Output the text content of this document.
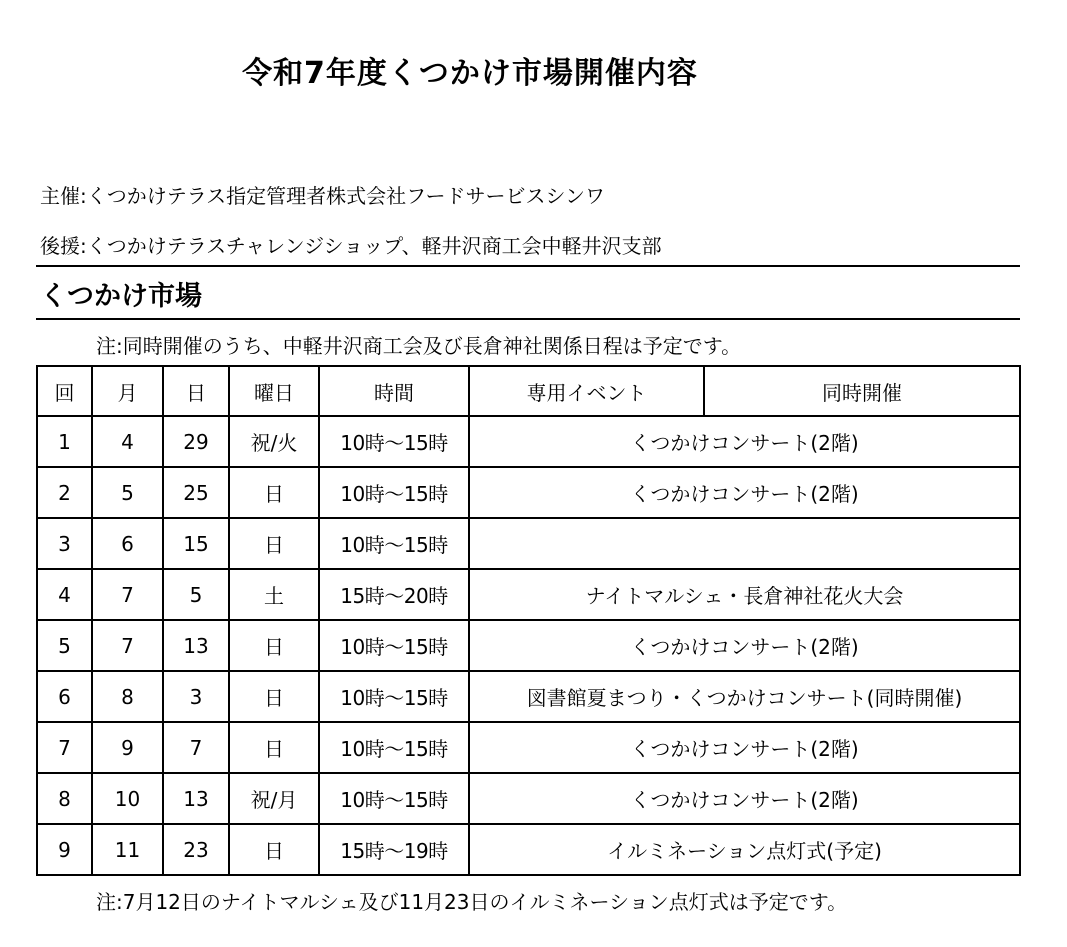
令和7年度くつかけ市場開催内容
主催:くつかけテラス指定管理者株式会社フードサービスシンワ
後援:くつかけテラスチャレンジショップ、軽井沢商工会中軽井沢支部
くつかけ市場
注:同時開催のうち、中軽井沢商工会及び長倉神社関係日程は予定です。
回	月	日	曜日	時間	専用イベント	同時開催
1	4	29	祝/火	10時～15時	くつかけコンサート(2階)	
2	5	25	日	10時～15時	くつかけコンサート(2階)	
3	6	15	日	10時～15時		
4	7	5	土	15時～20時	ナイトマルシェ・長倉神社花火大会	
5	7	13	日	10時～15時	くつかけコンサート(2階)	
6	8	3	日	10時～15時	図書館夏まつり・くつかけコンサート(同時開催)	
7	9	7	日	10時～15時	くつかけコンサート(2階)	
8	10	13	祝/月	10時～15時	くつかけコンサート(2階)	
9	11	23	日	15時～19時	イルミネーション点灯式(予定)	
注:7月12日のナイトマルシェ及び11月23日のイルミネーション点灯式は予定です。
